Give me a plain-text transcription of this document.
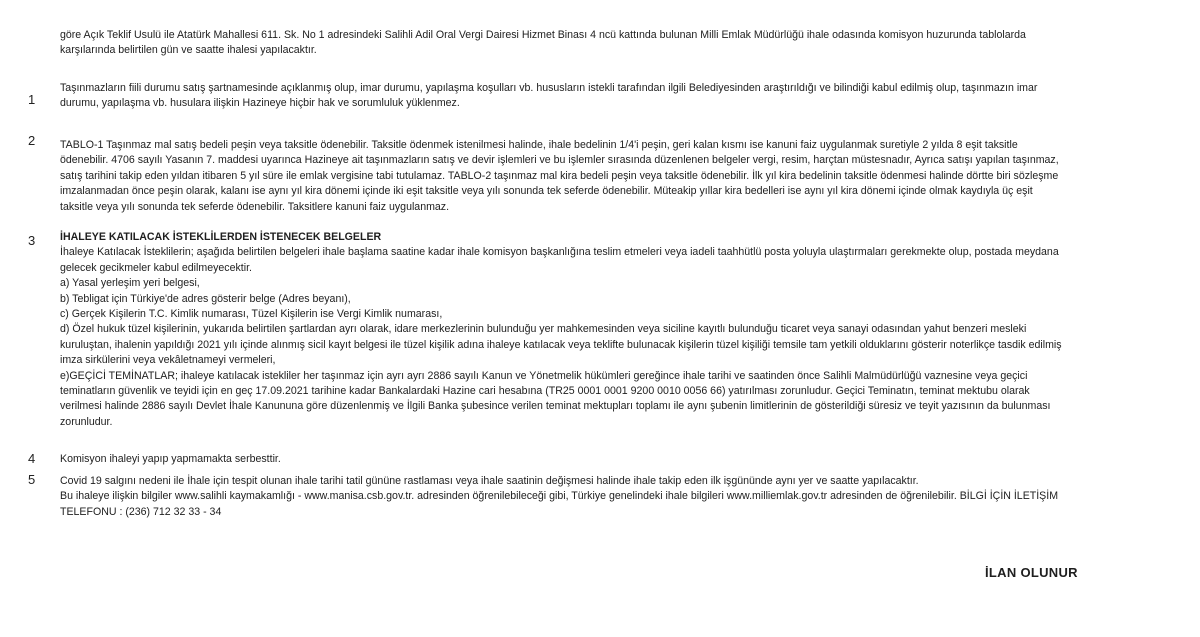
göre Açık Teklif Usulü ile Atatürk Mahallesi 611. Sk. No 1 adresindeki Salihli Adil Oral Vergi Dairesi Hizmet Binası 4 ncü kattında bulunan Milli Emlak Müdürlüğü ihale odasında komisyon huzurunda tablolarda
karşılarında belirtilen gün ve saatte ihalesi yapılacaktır.
1
Taşınmazların fiili durumu satış şartnamesinde açıklanmış olup, imar durumu, yapılaşma koşulları vb. hususların istekli tarafından ilgili Belediyesinden araştırıldığı ve bilindiği kabul edilmiş olup, taşınmazın imar
durumu, yapılaşma vb. husulara ilişkin Hazineye hiçbir hak ve sorumluluk yüklenmez.
2 TABLO-1 Taşınmaz mal satış bedeli peşin veya taksitle ödenebilir. Taksitle ödenmek istenilmesi halinde, ihale bedelinin 1/4'i peşin, geri kalan kısmı ise kanuni faiz uygulanmak suretiyle 2 yılda 8 eşit taksitle
ödenebilir. 4706 sayılı Yasanın 7. maddesi uyarınca Hazineye ait taşınmazların satış ve devir işlemleri ve bu işlemler sırasında düzenlenen belgeler vergi, resim, harçtan müstesnadır, Ayrıca satışı yapılan taşınmaz,
satış tarihini takip eden yıldan itibaren 5 yıl süre ile emlak vergisine tabi tutulamaz. TABLO-2 taşınmaz mal kira bedeli peşin veya taksitle ödenebilir. İlk yıl kira bedelinin taksitle ödenmesi halinde dörtte biri sözleşme
imzalanmadan önce peşin olarak, kalanı ise aynı yıl kira dönemi içinde iki eşit taksitle veya yılı sonunda tek seferde ödenebilir. Müteakip yıllar kira bedelleri ise aynı yıl kira dönemi içinde olmak kaydıyla üç eşit
taksitle veya yılı sonunda tek seferde ödenebilir. Taksitlere kanuni faiz uygulanmaz.
3 İHALEYE KATILACAK İSTEKLİLERDEN İSTENECEK BELGELER
İhaleye Katılacak İsteklilerin; aşağıda belirtilen belgeleri ihale başlama saatine kadar ihale komisyon başkanlığına teslim etmeleri veya iadeli taahhütlü posta yoluyla ulaştırmaları gerekmekte olup, postada meydana
gelecek gecikmeler kabul edilmeyecektir.
a) Yasal yerleşim yeri belgesi,
b) Tebligat için Türkiye'de adres gösterir belge (Adres beyanı),
c) Gerçek Kişilerin T.C. Kimlik numarası, Tüzel Kişilerin ise Vergi Kimlik numarası,
d) Özel hukuk tüzel kişilerinin, yukarıda belirtilen şartlardan ayrı olarak, idare merkezlerinin bulunduğu yer mahkemesinden veya siciline kayıtlı bulunduğu ticaret veya sanayi odasından yahut benzeri mesleki
kuruluştan, ihalenin yapıldığı 2021 yılı içinde alınmış sicil kayıt belgesi ile tüzel kişilik adına ihaleye katılacak veya teklifte bulunacak kişilerin tüzel kişiliği temsile tam yetkili olduklarını gösterir noterlikçe tasdik edilmiş
imza sirkülerini veya vekâletnameyi vermeleri,
e)GEÇİCİ TEMİNATLAR; ihaleye katılacak istekliler her taşınmaz için ayrı ayrı 2886 sayılı Kanun ve Yönetmelik hükümleri gereğince ihale tarihi ve saatinden önce Salihli Malmüdürlüğü vaznesine veya geçici
teminatların güvenlik ve teyidi için en geç 17.09.2021 tarihine kadar Bankalardaki Hazine cari hesabına (TR25 0001 0001 9200 0010 0056 66) yatırılması zorunludur. Geçici Teminatın, teminat mektubu olarak
verilmesi halinde 2886 sayılı Devlet İhale Kanununa göre düzenlenmiş ve İlgili Banka şubesince verilen teminat mektupları toplamı ile aynı şubenin limitlerinin de gösterildiği süresiz ve teyit yazısının da bulunması
zorunludur.
4 Komisyon ihaleyi yapıp yapmamakta serbesttir.
5 Covid 19 salgını nedeni ile İhale için tespit olunan ihale tarihi tatil gününe rastlaması veya ihale saatinin değişmesi halinde ihale takip eden ilk işgününde aynı yer ve saatte yapılacaktır.
Bu ihaleye ilişkin bilgiler www.salihli kaymakamlığı - www.manisa.csb.gov.tr. adresinden öğrenilebileceği gibi, Türkiye genelindeki ihale bilgileri www.milliemlak.gov.tr adresinden de öğrenilebilir. BİLGİ İÇİN İLETİŞİM
TELEFONU : (236) 712 32 33 - 34
İLAN OLUNUR
